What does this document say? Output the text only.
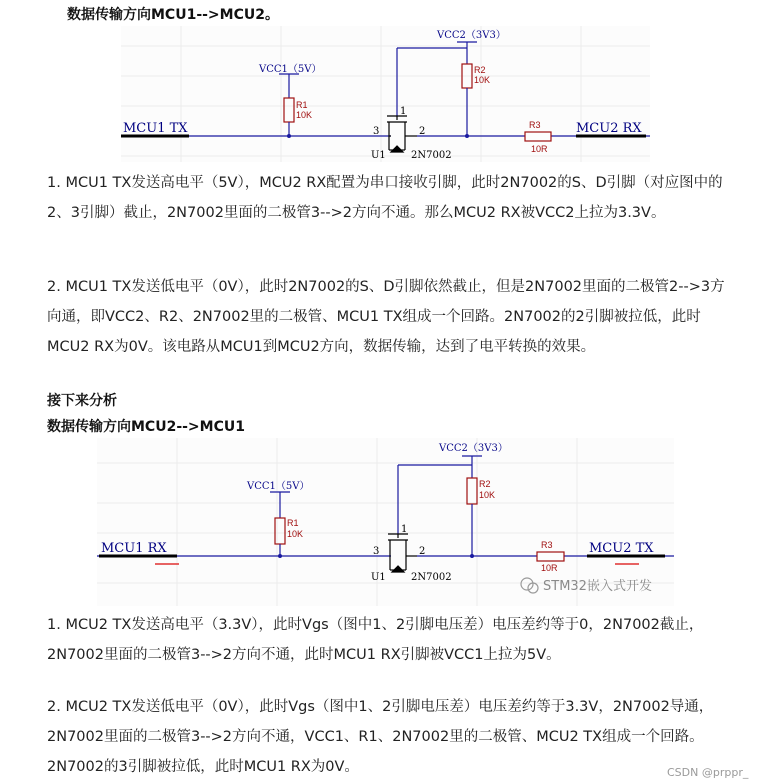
数据传输方向MCU1-->MCU2。
MCU1 TX	MCU2 RX
VCC1（5V）
R1
10K
VCC2（3V3）
R2
10K
3	2
1
U1	2N7002
R3
10R
1. MCU1 TX发送高电平（5V），MCU2 RX配置为串口接收引脚，此时2N7002的S、D引脚（对应图中的2、3引脚）截止，2N7002里面的二极管3-->2方向不通。那么MCU2 RX被VCC2上拉为3.3V。
2. MCU1 TX发送低电平（0V），此时2N7002的S、D引脚依然截止，但是2N7002里面的二极管2-->3方向通，即VCC2、R2、2N7002里的二极管、MCU1 TX组成一个回路。2N7002的2引脚被拉低，此时MCU2 RX为0V。该电路从MCU1到MCU2方向，数据传输，达到了电平转换的效果。
接下来分析
数据传输方向MCU2-->MCU1
MCU1 RX	MCU2 TX
VCC1（5V）
R1
10K
VCC2（3V3）
R2
10K
3	2
1
U1	2N7002
R3
10R
STM32嵌入式开发
1. MCU2 TX发送高电平（3.3V），此时Vgs（图中1、2引脚电压差）电压差约等于0，2N7002截止，2N7002里面的二极管3-->2方向不通，此时MCU1 RX引脚被VCC1上拉为5V。
2. MCU2 TX发送低电平（0V），此时Vgs（图中1、2引脚电压差）电压差约等于3.3V，2N7002导通，2N7002里面的二极管3-->2方向不通，VCC1、R1、2N7002里的二极管、MCU2 TX组成一个回路。2N7002的3引脚被拉低，此时MCU1 RX为0V。	CSDN @prppr_
